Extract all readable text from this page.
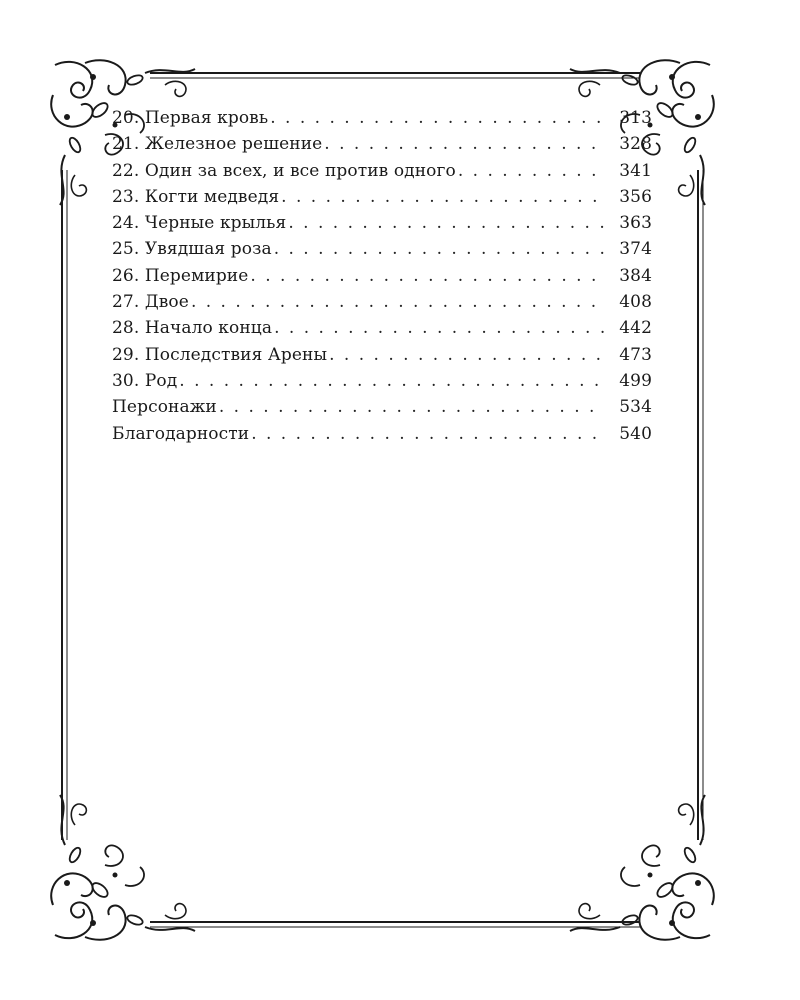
20. Первая кровь . . .	313
21. Железное решение . . .	328
22. Один за всех, и все против одного . . .	341
23. Когти медведя . . .	356
24. Черные крылья . . .	363
25. Увядшая роза . . .	374
26. Перемирие . . .	384
27. Двое . . .	408
28. Начало конца . . .	442
29. Последствия Арены . . .	473
30. Род . . .	499
Персонажи . . .	534
Благодарности . . .	540
